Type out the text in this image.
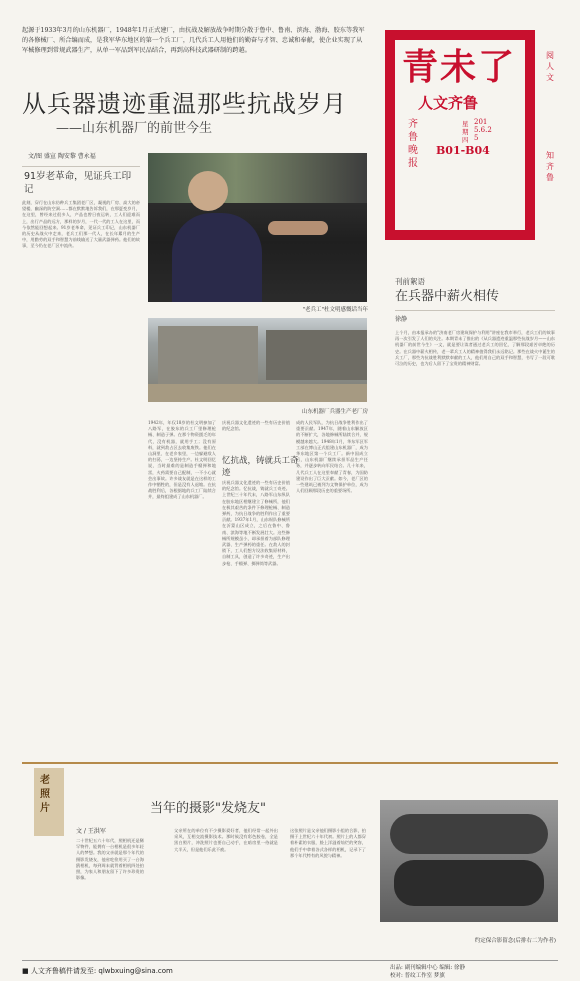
起源于1933年3月的山东机器厂，1948年1月正式建厂，由抗战及解放战争时期分散于鲁中、鲁南、滨海、渤海、胶东等我军的各修械厂、所合编而成，是我军华东地区的第一个兵工厂，几代兵工人用他们的勤奋与才智、忠诚和奉献，使企业实现了从军械修理到常规武器生产，从单一军品到军民品结合，再到高科技武器研制的跨越。
从兵器遗迹重温那些抗战岁月
——山东机器厂的前世今生
文/图 盛宣 陶安黎 曹永福
91岁老革命，见证兵工印记
此刻，穿行在山东仿种兵工集团老厂区，凝视的厂房、高大的帝望楼，幽深的防空洞……都在默默地告诉我们，在那夏变岁月，在这里，曾经来过很多人，产品也曾日夜运转，工人们迎难而上，出行产品的远方，那样的岁月，一代一代的工人在这里，而今依然能回想起来。91岁老革命，见证兵工印记，山东机器厂的历史从战火中走来，老兵工们那一代人，在长年累月的生产中，用勤劳的双手和智慧为前线输送了大量武器弹药。他们的故事，至今仍在老厂区中流传。
"老兵工"杜文明感慨话当年
山东机器厂兵器生产老厂房
1942年，年仅18岁的杜文明参加了八路军，在胶东的兵工厂里修理枪械、制造子弹。在那个物资匮乏的年代，没有机器，就用手工；没有原料，就到敌占区去收集废铁。他们在山洞里、在老乡家里，一边躲避敌人的扫荡，一边坚持生产。杜文明回忆说，当时最难的是制造手榴弹和地雷，火药需要自己配制，一不小心就会出事故。许多战友就是在这样的工作中牺牲的，但是没有人退缩。在抗战胜利后，各根据地的兵工厂陆续合并，最终组建成了山东机器厂。
庆祝兵器文化遗迹的一些有历史价值的纪念馆。
忆抗战，铸就兵工奇迹
庆祝兵器文化遗迹的一些有历史价值的纪念馆。忆抗战，铸就兵工奇迹。上世纪三十年代末，八路军山东纵队在胶东地区相继建立了修械所，他们在极其艰苦的条件下修理枪械、制造弹药，为抗日战争的胜利作出了重要贡献。1937年1月，山东纵队修械所在沂蒙山区成立，之后在鲁中、鲁南、滨海等地不断发展壮大。这些修械所规模虽小，却承担着为部队修理武器、生产弹药的重任。在敌人的封锁下，工人们想方设法收集原材料，自制工具，创造了许多奇迹，生产出步枪、手榴弹、掷弹筒等武器。
成的人民军队，为抗日战争胜利作出了重要贡献。1947年，随着山东解放区的不断扩大，各地修械所陆续合并，规模越来越大。1948年1月，华东军区军工部在博山正式组建山东机器厂，成为华东地区第一个兵工厂。新中国成立后，山东机器厂继续承担军品生产任务，并逐步转向军民结合。几十年来，几代兵工人在这里奉献了青春，为国防建设作出了巨大贡献。如今，老厂区的一些建筑已被列为文物保护单位，成为人们回顾那段历史的重要场所。
青未了
人文齐鲁
齐鲁晚报
B01-B04
2015.6.25
星期四
阅人文
知齐鲁
刊前絮语
在兵器中薪火相传
徐静
上个月，由本报承办的"济南老厂房建筑保护与利用"讲座在我市举行，老兵工们的故事再一次引发了人们的关注。本期青未了推出的《从兵器遗迹重温那些抗战岁月——山东机器厂的前世今生》一文，就是要让读者通过老兵工的回忆，了解那段艰苦卓绝的历史。在兵器中薪火相传，老一辈兵工人的精神值得我们永远铭记。那些在战火中诞生的兵工厂，那些为抗战胜利默默奉献的工人，他们用自己的双手和智慧，书写了一段可歌可泣的历史，也为后人留下了宝贵的精神财富。
老照片	当年的摄影"发烧友"
文 / 王洪军
二十世纪五六十年代，照相机还是稀罕物件，能拥有一台相机是很多年轻人的梦想。我的父亲就是那个年代的摄影发烧友，他省吃俭用买了一台海鸥相机，每到周末就背着相机四处拍照，为家人和朋友留下了许多珍贵的影像。
父亲所在的单位有不少摄影爱好者，他们经常一起外出采风，互相交流摄影技术。那时候没有彩色胶卷，全是黑白照片，冲洗照片也要自己动手，在暗房里一待就是大半天，但是他们乐此不疲。
这张照片是父亲他们摄影小组的合影，拍摄于上世纪六十年代初。照片上的人都穿着朴素的衣服，脸上洋溢着灿烂的笑容，他们手中拿着各式各样的相机，记录下了那个年代特有的风貌与精神。
约定保合影留念(后排右二为作者)
■ 人文齐鲁稿件请发至: qlwbxuing@sina.com	出品: 副刊编辑中心 编辑: 徐静
校对: 普纹工作室 梦旗
